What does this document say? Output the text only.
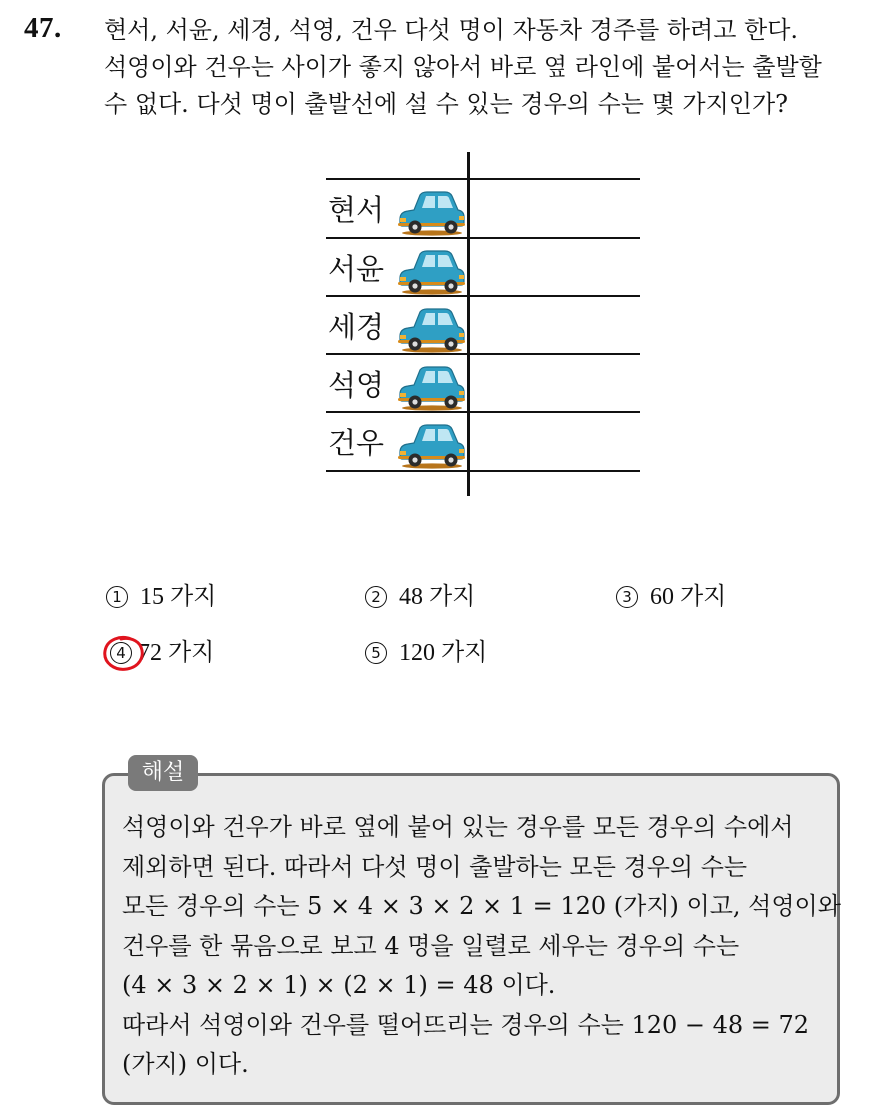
47. 현서, 서윤, 세경, 석영, 건우 다섯 명이 자동차 경주를 하려고 한다.
석영이와 건우는 사이가 좋지 않아서 바로 옆 라인에 붙어서는 출발할
수 없다. 다섯 명이 출발선에 설 수 있는 경우의 수는 몇 가지인가?
현서
서윤
세경
석영
건우
1 15 가지	2 48 가지	3 60 가지
4 72 가지	5 120 가지
해설
석영이와 건우가 바로 옆에 붙어 있는 경우를 모든 경우의 수에서
제외하면 된다. 따라서 다섯 명이 출발하는 모든 경우의 수는
모든 경우의 수는 5 × 4 × 3 × 2 × 1 = 120 (가지) 이고, 석영이와
건우를 한 묶음으로 보고 4 명을 일렬로 세우는 경우의 수는
(4 × 3 × 2 × 1) × (2 × 1) = 48 이다.
따라서 석영이와 건우를 떨어뜨리는 경우의 수는 120 − 48 = 72
(가지) 이다.
